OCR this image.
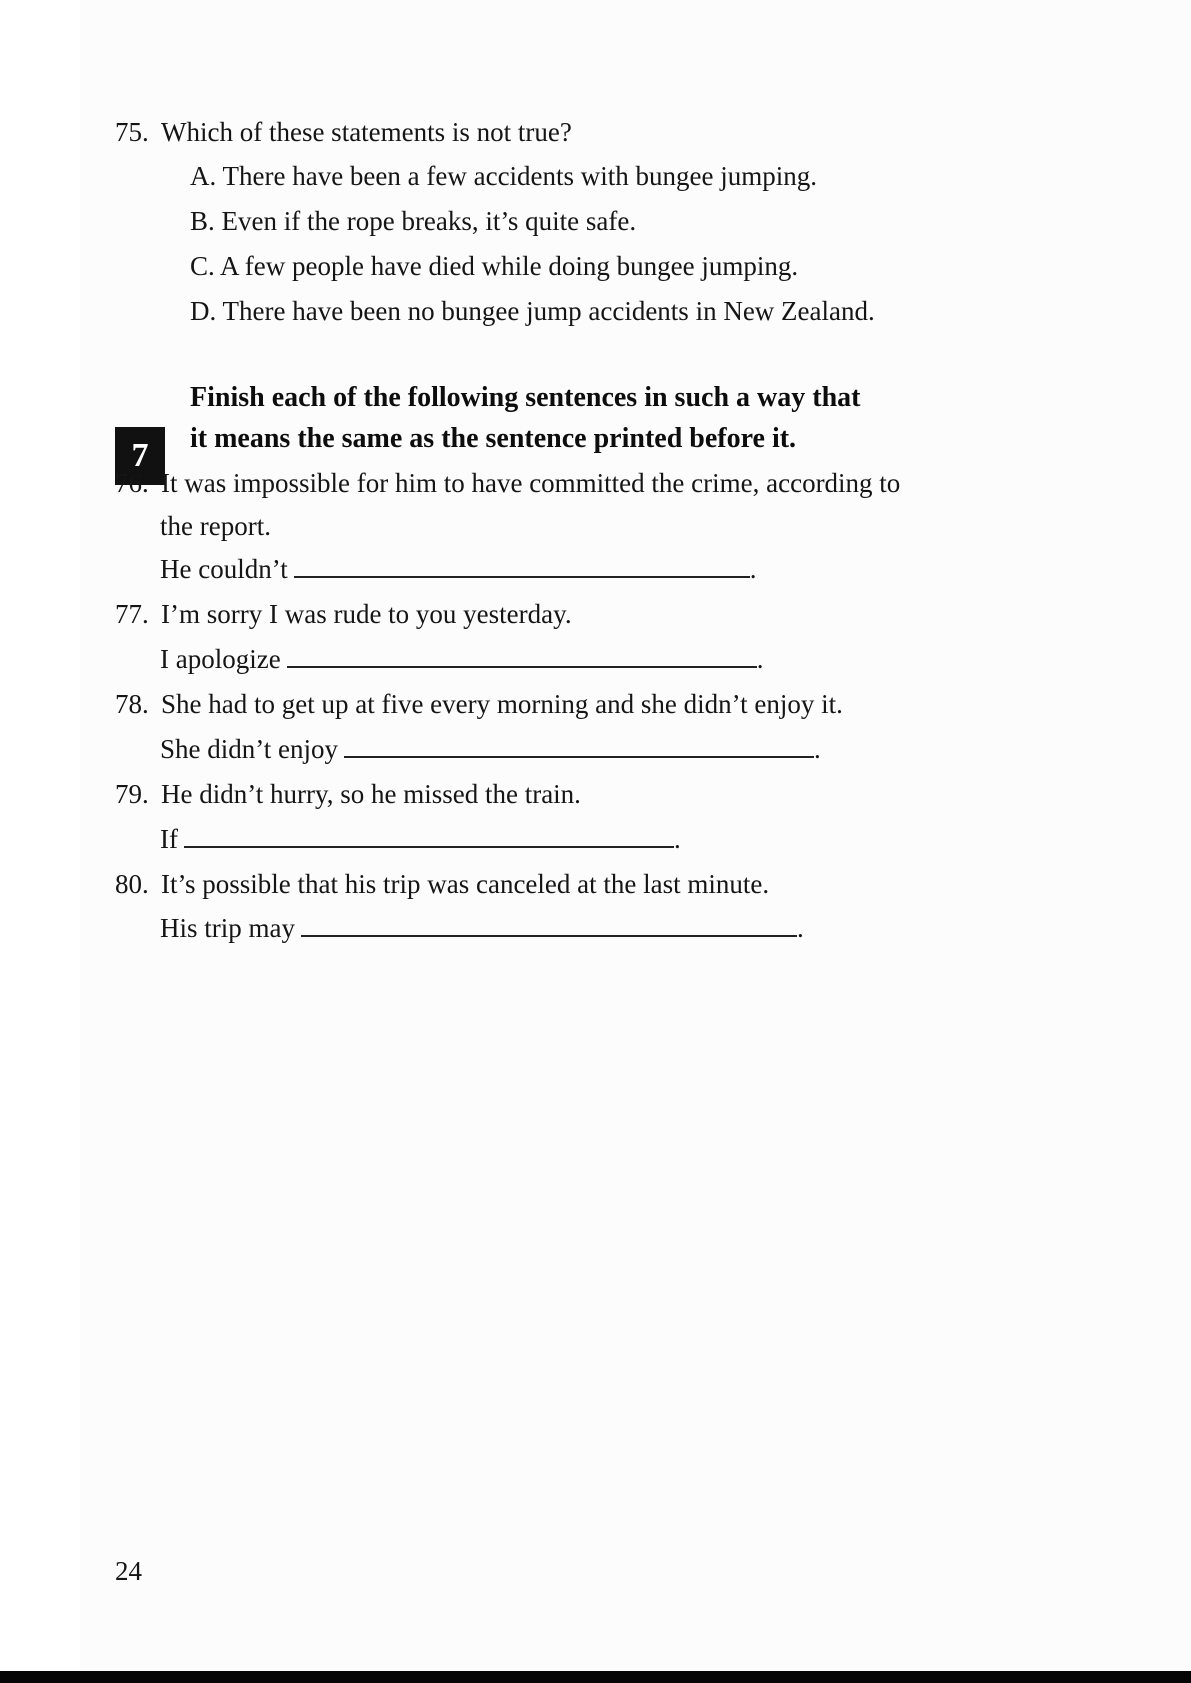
75. Which of these statements is not true?
A. There have been a few accidents with bungee jumping.
B. Even if the rope breaks, it’s quite safe.
C. A few people have died while doing bungee jumping.
D. There have been no bungee jump accidents in New Zealand.
7
Finish each of the following sentences in such a way that
it means the same as the sentence printed before it.
76. It was impossible for him to have committed the crime, according to
the report.
He couldn’t	.
77. I’m sorry I was rude to you yesterday.
I apologize	.
78. She had to get up at five every morning and she didn’t enjoy it.
She didn’t enjoy	.
79. He didn’t hurry, so he missed the train.
If	.
80. It’s possible that his trip was canceled at the last minute.
His trip may	.
24
